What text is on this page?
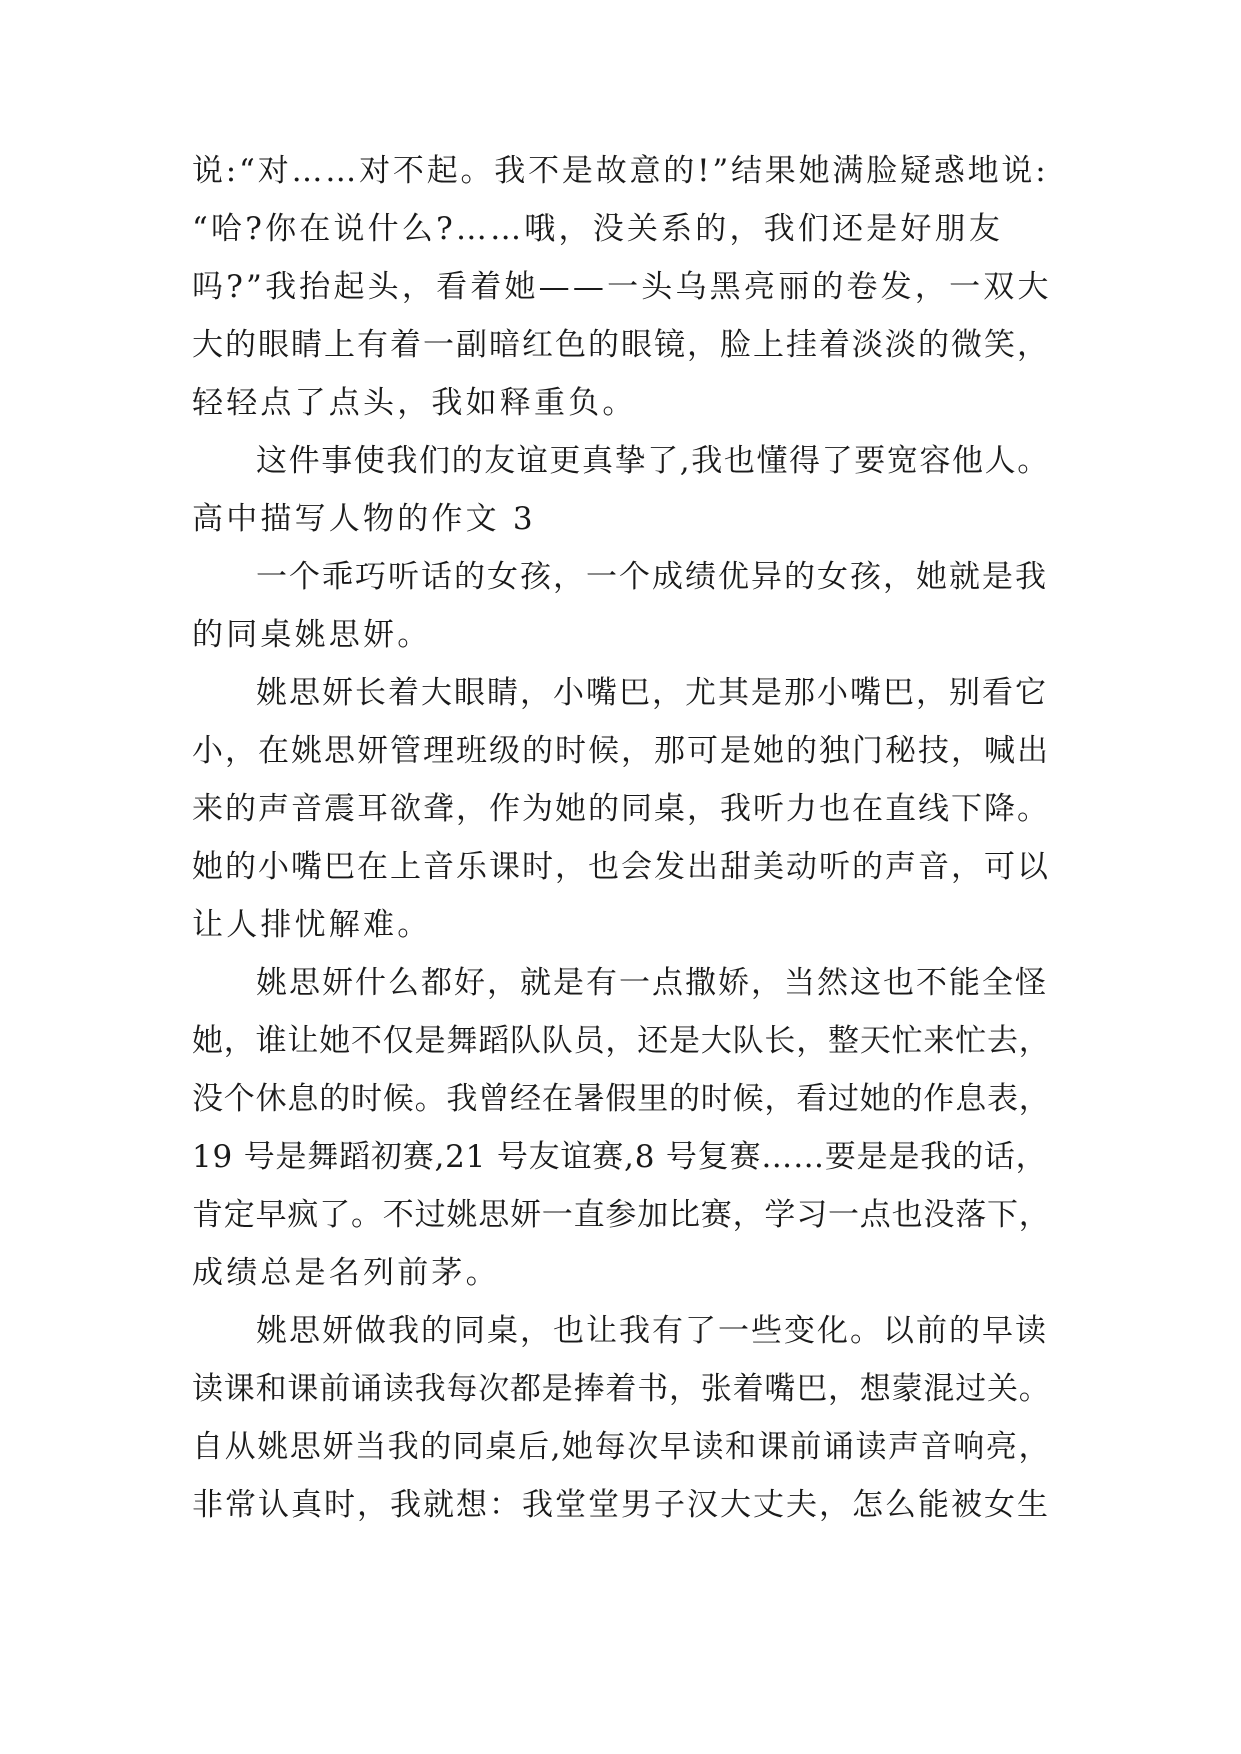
说:“对……对不起。我不是故意的!”结果她满脸疑惑地说:
“哈?你在说什么?……哦，没关系的，我们还是好朋友
吗?”我抬起头，看着她——一头乌黑亮丽的卷发，一双大
大的眼睛上有着一副暗红色的眼镜，脸上挂着淡淡的微笑，
轻轻点了点头，我如释重负。
这件事使我们的友谊更真挚了,我也懂得了要宽容他人。
高中描写人物的作文 3
一个乖巧听话的女孩，一个成绩优异的女孩，她就是我
的同桌姚思妍。
姚思妍长着大眼睛，小嘴巴，尤其是那小嘴巴，别看它
小，在姚思妍管理班级的时候，那可是她的独门秘技，喊出
来的声音震耳欲聋，作为她的同桌，我听力也在直线下降。
她的小嘴巴在上音乐课时，也会发出甜美动听的声音，可以
让人排忧解难。
姚思妍什么都好，就是有一点撒娇，当然这也不能全怪
她，谁让她不仅是舞蹈队队员，还是大队长，整天忙来忙去，
没个休息的时候。我曾经在暑假里的时候，看过她的作息表，
19 号是舞蹈初赛,21 号友谊赛,8 号复赛……要是是我的话，
肯定早疯了。不过姚思妍一直参加比赛，学习一点也没落下，
成绩总是名列前茅。
姚思妍做我的同桌，也让我有了一些变化。以前的早读
读课和课前诵读我每次都是捧着书，张着嘴巴，想蒙混过关。
自从姚思妍当我的同桌后,她每次早读和课前诵读声音响亮，
非常认真时，我就想：我堂堂男子汉大丈夫，怎么能被女生
